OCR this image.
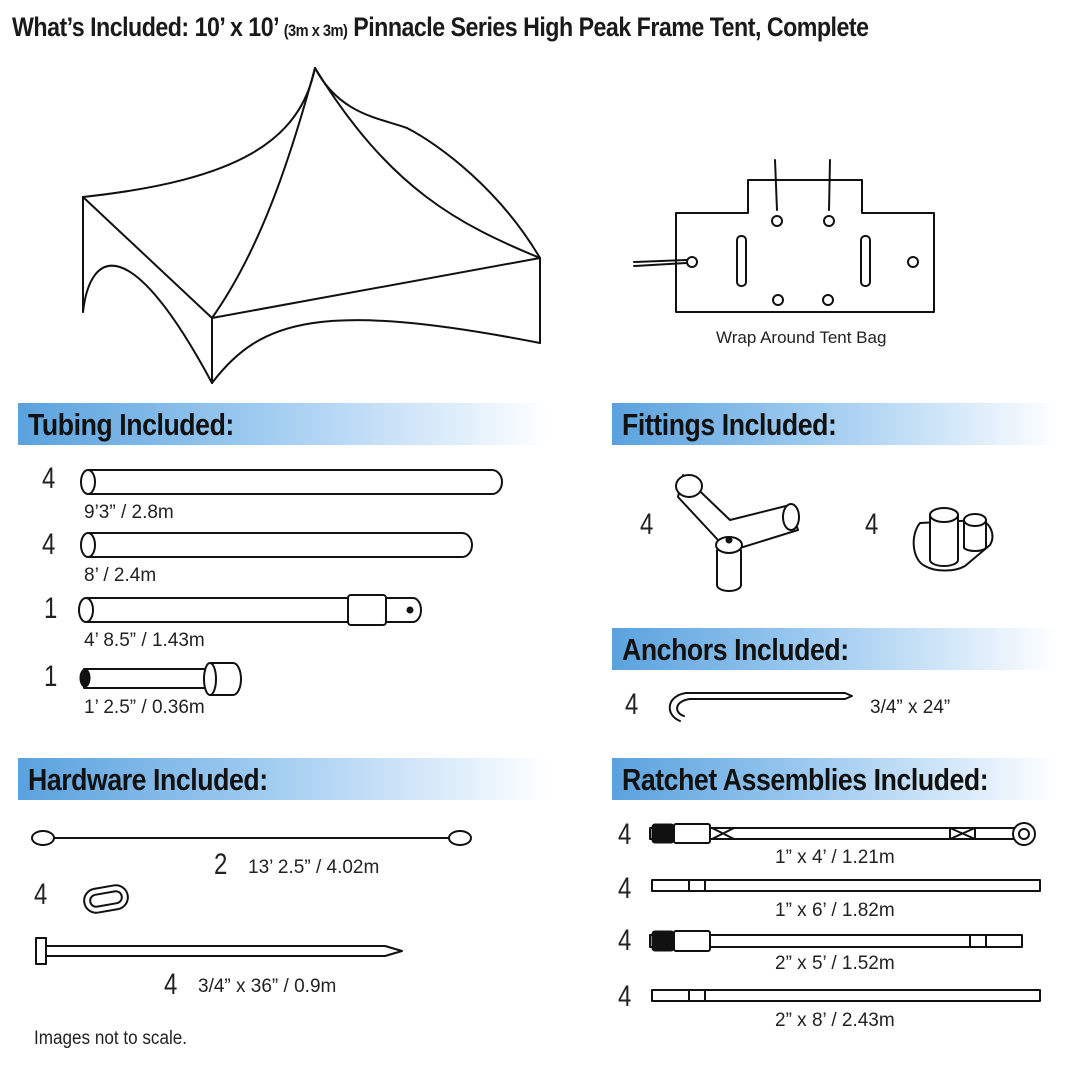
What’s Included: 10’ x 10’ (3m x 3m) Pinnacle Series High Peak Frame Tent, Complete
Wrap Around Tent Bag
Tubing Included:	Fittings Included:
Anchors Included:
Hardware Included:	Ratchet Assemblies Included:
4
9’3” / 2.8m
4
8’ / 2.4m
1
4’ 8.5” / 1.43m
1
1’ 2.5” / 0.36m
4	4
4	3/4” x 24”
2 13’ 2.5” / 4.02m
4
4 3/4” x 36” / 0.9m
4
1” x 4’ / 1.21m
4
1” x 6’ / 1.82m
4
2” x 5’ / 1.52m
4
2” x 8’ / 2.43m
Images not to scale.
